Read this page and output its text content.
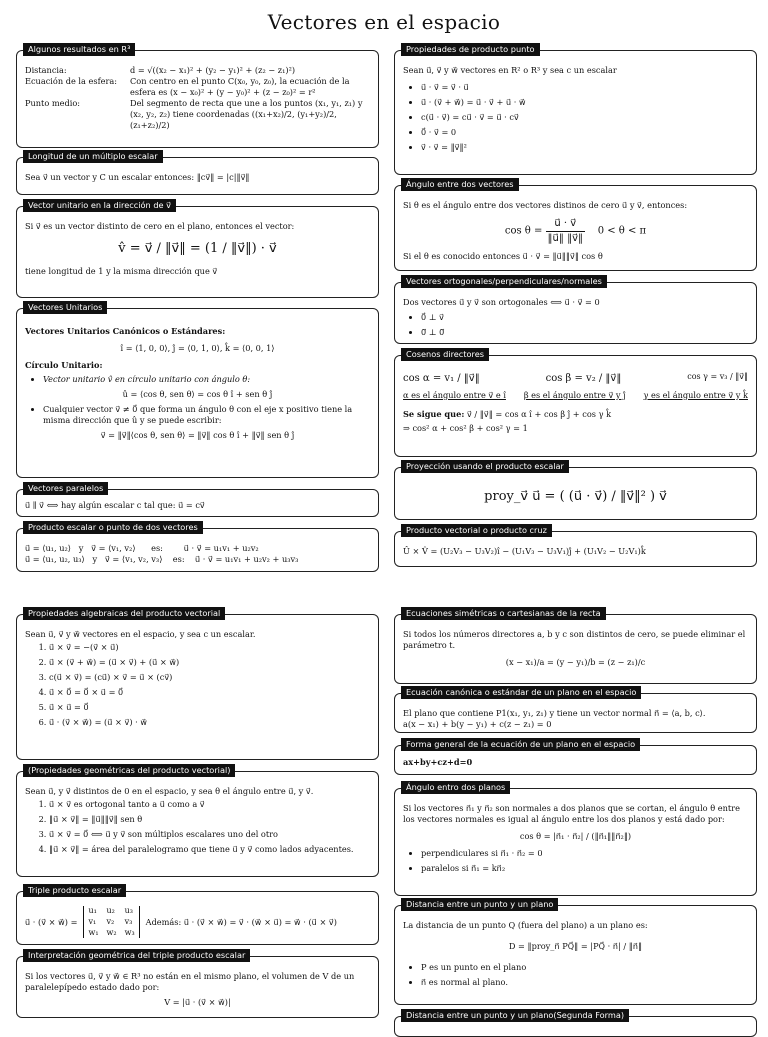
Vectores en el espacio
Algunos resultados en R³
Distancia:	d = √((x₂ − x₁)² + (y₂ − y₁)² + (z₂ − z₁)²)
Ecuación de la esfera:	Con centro en el punto C(x₀, y₀, z₀), la ecuación de la esfera es (x − x₀)² + (y − y₀)² + (z − z₀)² = r²
Punto medio:	Del segmento de recta que une a los puntos (x₁, y₁, z₁) y (x₂, y₂, z₂) tiene coordenadas ((x₁+x₂)/2, (y₁+y₂)/2, (z₁+z₂)/2)
Longitud de un múltiplo escalar
Sea v⃗ un vector y C un escalar entonces: ‖cv⃗‖ = |c|‖v⃗‖
Vector unitario en la dirección de v⃗
Si v⃗ es un vector distinto de cero en el plano, entonces el vector:
v̂ = v⃗ / ‖v⃗‖ = (1 / ‖v⃗‖) · v⃗
tiene longitud de 1 y la misma dirección que v⃗
Vectores Unitarios
Vectores Unitarios Canónicos o Estándares:
î = ⟨1, 0, 0⟩, ĵ = ⟨0, 1, 0⟩, k̂ = ⟨0, 0, 1⟩
Círculo Unitario:
• Vector unitario v̂ en círculo unitario con ángulo θ:
û = ⟨cos θ, sen θ⟩ = cos θ î + sen θ ĵ
• Cualquier vector v⃗ ≠ 0⃗ que forma un ángulo θ con el eje x positivo tiene la misma dirección que û y se puede escribir:
v⃗ = ‖v⃗‖⟨cos θ, sen θ⟩ = ‖v⃗‖ cos θ î + ‖v⃗‖ sen θ ĵ
Vectores paralelos
u⃗ ∥ v⃗ ⟺ hay algún escalar c tal que: u⃗ = cv⃗
Producto escalar o punto de dos vectores
u⃗ = ⟨u₁, u₂⟩   y   v⃗ = ⟨v₁, v₂⟩      es:        u⃗ · v⃗ = u₁v₁ + u₂v₂
u⃗ = ⟨u₁, u₂, u₃⟩   y   v⃗ = ⟨v₁, v₂, v₃⟩    es:    u⃗ · v⃗ = u₁v₁ + u₂v₂ + u₃v₃
Propiedades algebraicas del producto vectorial
Sean u⃗, v⃗ y w⃗ vectores en el espacio, y sea c un escalar.
1. u⃗ × v⃗ = −(v⃗ × u⃗)
2. u⃗ × (v⃗ + w⃗) = (u⃗ × v⃗) + (u⃗ × w⃗)
3. c(u⃗ × v⃗) = (cu⃗) × v⃗ = u⃗ × (cv⃗)
4. u⃗ × 0⃗ = 0⃗ × u⃗ = 0⃗
5. u⃗ × u⃗ = 0⃗
6. u⃗ · (v⃗ × w⃗) = (u⃗ × v⃗) · w⃗
(Propiedades geométricas del producto vectorial)
Sean u⃗, y v⃗ distintos de 0 en el espacio, y sea θ el ángulo entre u⃗, y v⃗.
1. u⃗ × v⃗ es ortogonal tanto a u⃗ como a v⃗
2. ‖u⃗ × v⃗‖ = ‖u⃗‖‖v⃗‖ sen θ
3. u⃗ × v⃗ = 0⃗ ⟺ u⃗ y v⃗ son múltiplos escalares uno del otro
4. ‖u⃗ × v⃗‖ = área del paralelogramo que tiene u⃗ y v⃗ como lados adyacentes.
Triple producto escalar
u⃗ · (v⃗ × w⃗) =
u₁	u₂	u₃
v₁	v₂	v₃
w₁	w₂	w₃
Además: u⃗ · (v⃗ × w⃗) = v⃗ · (w⃗ × u⃗) = w⃗ · (u⃗ × v⃗)
Interpretación geométrica del triple producto escalar
Si los vectores u⃗, v⃗ y w⃗ ∈ R³ no están en el mismo plano, el volumen de V de un paralelepípedo estado dado por:
V = |u⃗ · (v⃗ × w⃗)|
Propiedades de producto punto
Sean u⃗, v⃗ y w⃗ vectores en R² o R³ y sea c un escalar
• u⃗ · v⃗ = v⃗ · u⃗
• u⃗ · (v⃗ + w⃗) = u⃗ · v⃗ + u⃗ · w⃗
• c(u⃗ · v⃗) = cu⃗ · v⃗ = u⃗ · cv⃗
• 0⃗ · v⃗ = 0
• v⃗ · v⃗ = ‖v⃗‖²
Ángulo entre dos vectores
Si θ es el ángulo entre dos vectores distinos de cero u⃗ y v⃗, entonces:
$\cos \theta = \frac{u⃗ \cdot v⃗}{‖u⃗‖ ‖v⃗‖} 0 < \theta < \pi$
Si el θ es conocido entonces u⃗ · v⃗ = ‖u⃗‖‖v⃗‖ cos θ
Vectores ortogonales/perpendiculares/normales
Dos vectores u⃗ y v⃗ son ortogonales ⟺ u⃗ · v⃗ = 0
• 0⃗ ⊥ v⃗
• 0⃗ ⊥ 0⃗
Cosenos directores
cos α = v₁ / ‖v⃗‖	cos β = v₂ / ‖v⃗‖	cos γ = v₃ / ‖v⃗‖
α es el ángulo entre v⃗ e î β es el ángulo entre v⃗ y ĵ γ es el ángulo entre v⃗ y k̂
Se sigue que: v⃗ / ‖v⃗‖ = cos α î + cos β ĵ + cos γ k̂
⇒ cos² α + cos² β + cos² γ = 1
Proyección usando el producto escalar
proy_v⃗ u⃗ = ( (u⃗ · v⃗) / ‖v⃗‖² ) v⃗
Producto vectorial o producto cruz
Û × V̂ = (U₂V₃ − U₃V₂)î − (U₁V₃ − U₃V₁)ĵ + (U₁V₂ − U₂V₁)k̂
Ecuaciones simétricas o cartesianas de la recta
Si todos los números directores a, b y c son distintos de cero, se puede eliminar el parámetro t.
(x − x₁)/a = (y − y₁)/b = (z − z₁)/c
Ecuación canónica o estándar de un plano en el espacio
El plano que contiene P1(x₁, y₁, z₁) y tiene un vector normal n⃗ = ⟨a, b, c⟩.
a(x − x₁) + b(y − y₁) + c(z − z₁) = 0
Forma general de la ecuación de un plano en el espacio
ax+by+cz+d=0
Ángulo entro dos planos
Si los vectores n⃗₁ y n⃗₂ son normales a dos planos que se cortan, el ángulo θ entre los vectores normales es igual al ángulo entre los dos planos y está dado por:
cos θ = |n⃗₁ · n⃗₂| / (‖n⃗₁‖‖n⃗₂‖)
• perpendiculares si n⃗₁ · n⃗₂ = 0
• paralelos si n⃗₁ = kn⃗₂
Distancia entre un punto y un plano
La distancia de un punto Q (fuera del plano) a un plano es:
D = ‖proy_n⃗ PQ⃗‖ = |PQ⃗ · n⃗| / ‖n⃗‖
• P es un punto en el plano
• n⃗ es normal al plano.
Distancia entre un punto y un plano(Segunda Forma)
